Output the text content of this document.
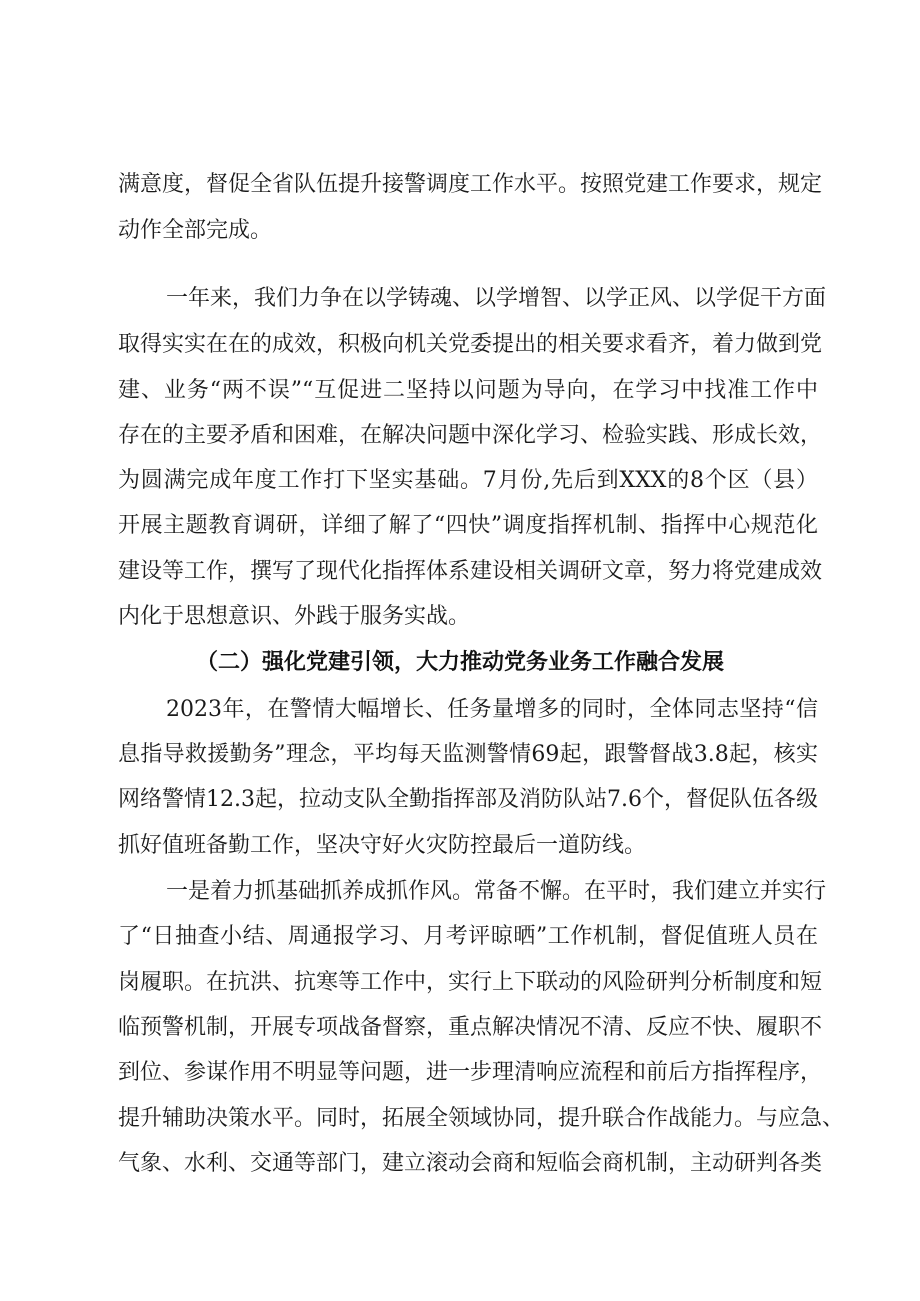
满意度，督促全省队伍提升接警调度工作水平。按照党建工作要求，规定
动作全部完成。
一年来，我们力争在以学铸魂、以学增智、以学正风、以学促干方面
取得实实在在的成效，积极向机关党委提出的相关要求看齐，着力做到党
建、业务“两不误”“互促进二坚持以问题为导向，在学习中找准工作中
存在的主要矛盾和困难，在解决问题中深化学习、检验实践、形成长效，
为圆满完成年度工作打下坚实基础。7月份,先后到XXX的8个区（县）
开展主题教育调研，详细了解了“四快”调度指挥机制、指挥中心规范化
建设等工作，撰写了现代化指挥体系建设相关调研文章，努力将党建成效
内化于思想意识、外践于服务实战。
（二）强化党建引领，大力推动党务业务工作融合发展
2023年，在警情大幅增长、任务量增多的同时，全体同志坚持“信
息指导救援勤务”理念，平均每天监测警情69起，跟警督战3.8起，核实
网络警情12.3起，拉动支队全勤指挥部及消防队站7.6个，督促队伍各级
抓好值班备勤工作，坚决守好火灾防控最后一道防线。
一是着力抓基础抓养成抓作风。常备不懈。在平时，我们建立并实行
了“日抽查小结、周通报学习、月考评晾晒”工作机制，督促值班人员在
岗履职。在抗洪、抗寒等工作中，实行上下联动的风险研判分析制度和短
临预警机制，开展专项战备督察，重点解决情况不清、反应不快、履职不
到位、参谋作用不明显等问题，进一步理清响应流程和前后方指挥程序，
提升辅助决策水平。同时，拓展全领域协同，提升联合作战能力。与应急、
气象、水利、交通等部门，建立滚动会商和短临会商机制，主动研判各类
